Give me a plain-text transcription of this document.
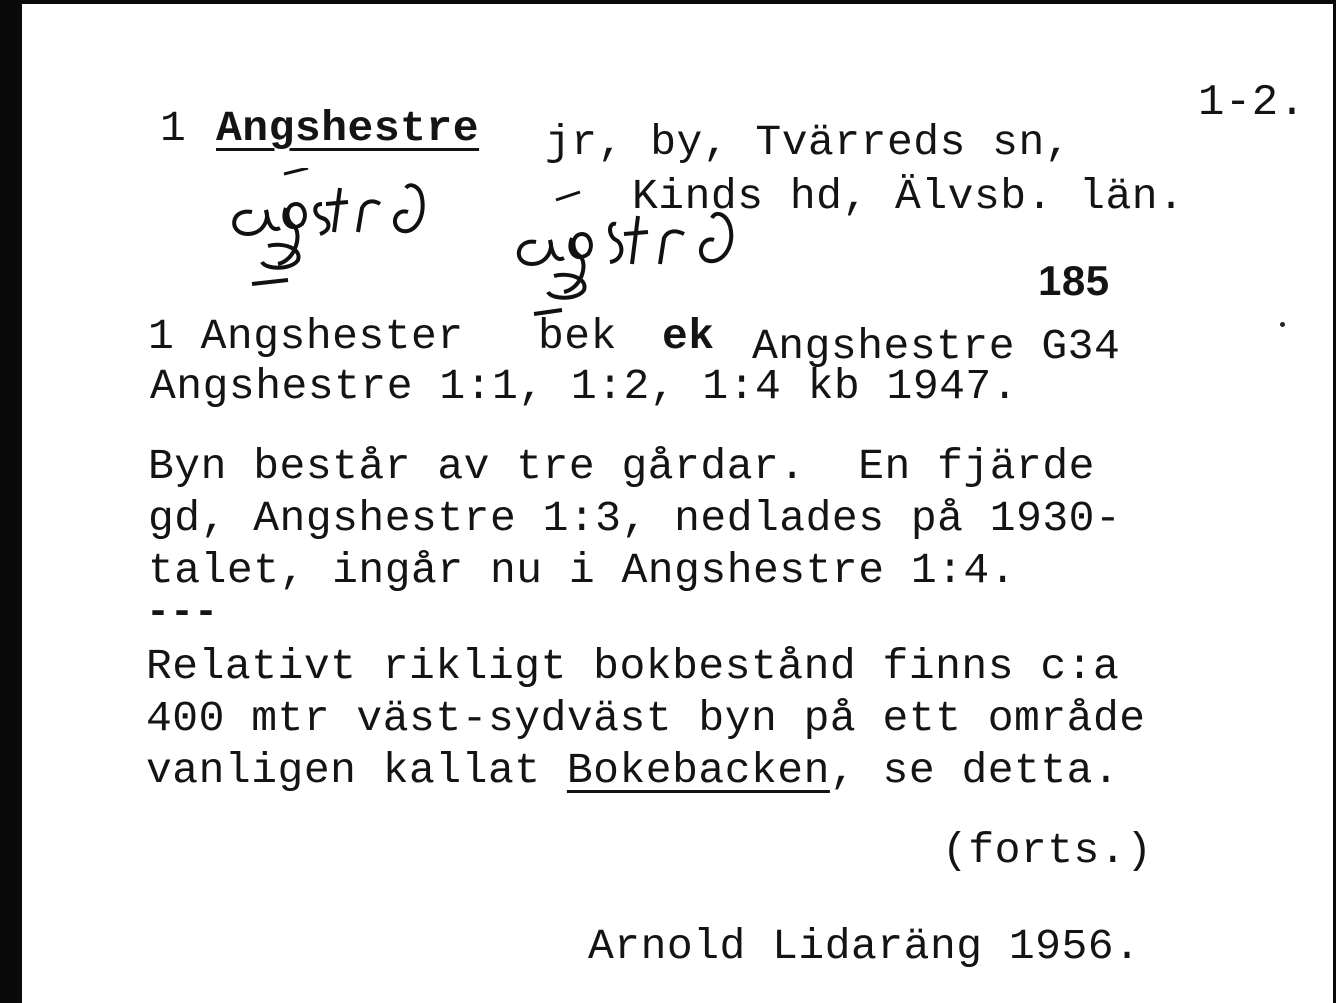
1-2.
1 Angshestre jr, by, Tvärreds sn,
Kinds hd, Älvsb. län.
185
1 Angshester bek ek Angshestre G34
Angshestre 1:1, 1:2, 1:4 kb 1947.
Byn består av tre gårdar.  En fjärde
gd, Angshestre 1:3, nedlades på 1930-
talet, ingår nu i Angshestre 1:4.
---
Relativt rikligt bokbestånd finns c:a
400 mtr väst-sydväst byn på ett område
vanligen kallat Bokebacken, se detta.
(forts.)
Arnold Lidaräng 1956.
